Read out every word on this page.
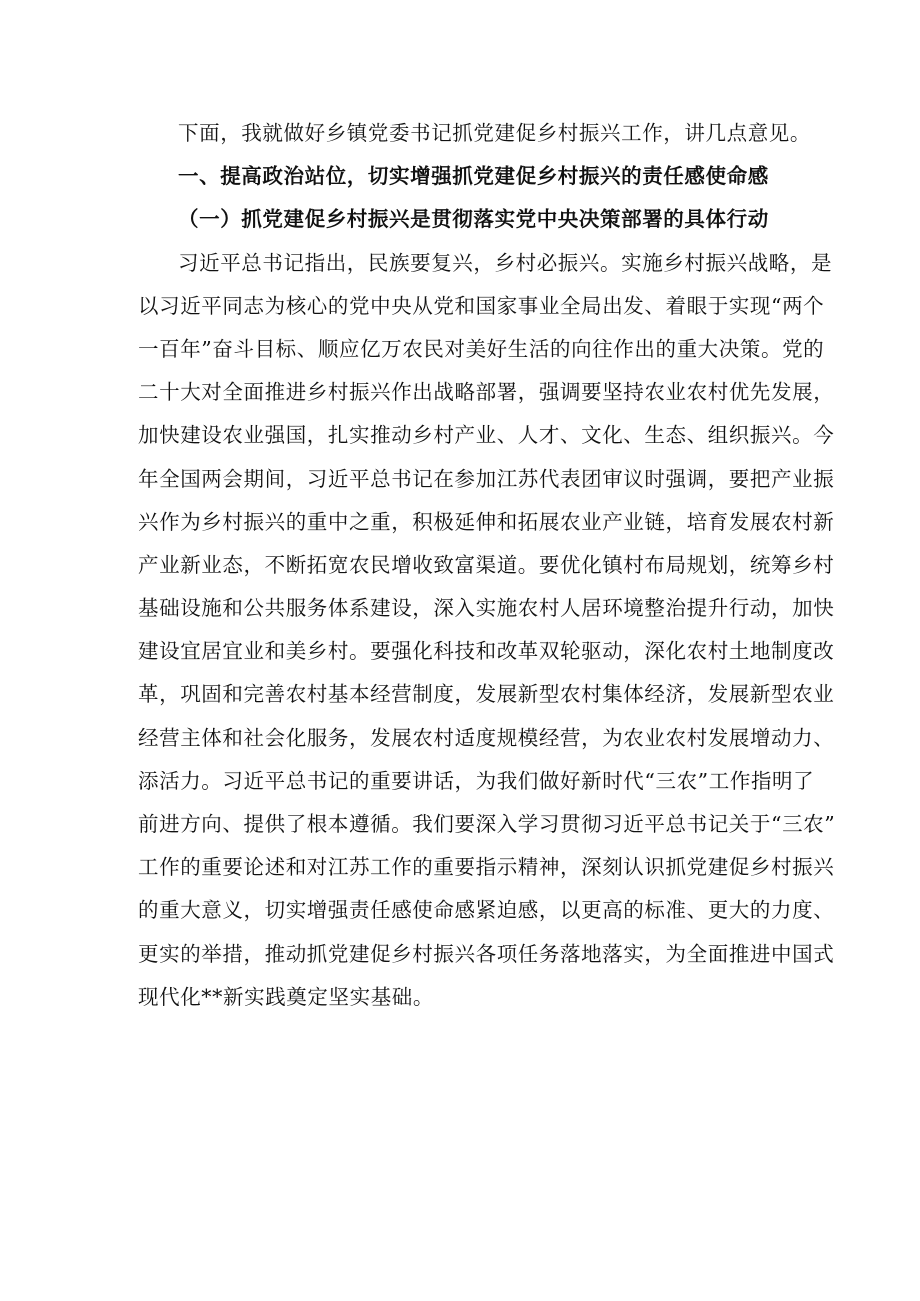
下面，我就做好乡镇党委书记抓党建促乡村振兴工作，讲几点意见。
一、提高政治站位，切实增强抓党建促乡村振兴的责任感使命感
（一）抓党建促乡村振兴是贯彻落实党中央决策部署的具体行动
习近平总书记指出，民族要复兴，乡村必振兴。实施乡村振兴战略，是
以习近平同志为核心的党中央从党和国家事业全局出发、着眼于实现“两个
一百年”奋斗目标、顺应亿万农民对美好生活的向往作出的重大决策。党的
二十大对全面推进乡村振兴作出战略部署，强调要坚持农业农村优先发展，
加快建设农业强国，扎实推动乡村产业、人才、文化、生态、组织振兴。今
年全国两会期间，习近平总书记在参加江苏代表团审议时强调，要把产业振
兴作为乡村振兴的重中之重，积极延伸和拓展农业产业链，培育发展农村新
产业新业态，不断拓宽农民增收致富渠道。要优化镇村布局规划，统筹乡村
基础设施和公共服务体系建设，深入实施农村人居环境整治提升行动，加快
建设宜居宜业和美乡村。要强化科技和改革双轮驱动，深化农村土地制度改
革，巩固和完善农村基本经营制度，发展新型农村集体经济，发展新型农业
经营主体和社会化服务，发展农村适度规模经营，为农业农村发展增动力、
添活力。习近平总书记的重要讲话，为我们做好新时代“三农”工作指明了
前进方向、提供了根本遵循。我们要深入学习贯彻习近平总书记关于“三农”
工作的重要论述和对江苏工作的重要指示精神，深刻认识抓党建促乡村振兴
的重大意义，切实增强责任感使命感紧迫感，以更高的标准、更大的力度、
更实的举措，推动抓党建促乡村振兴各项任务落地落实，为全面推进中国式
现代化**新实践奠定坚实基础。
